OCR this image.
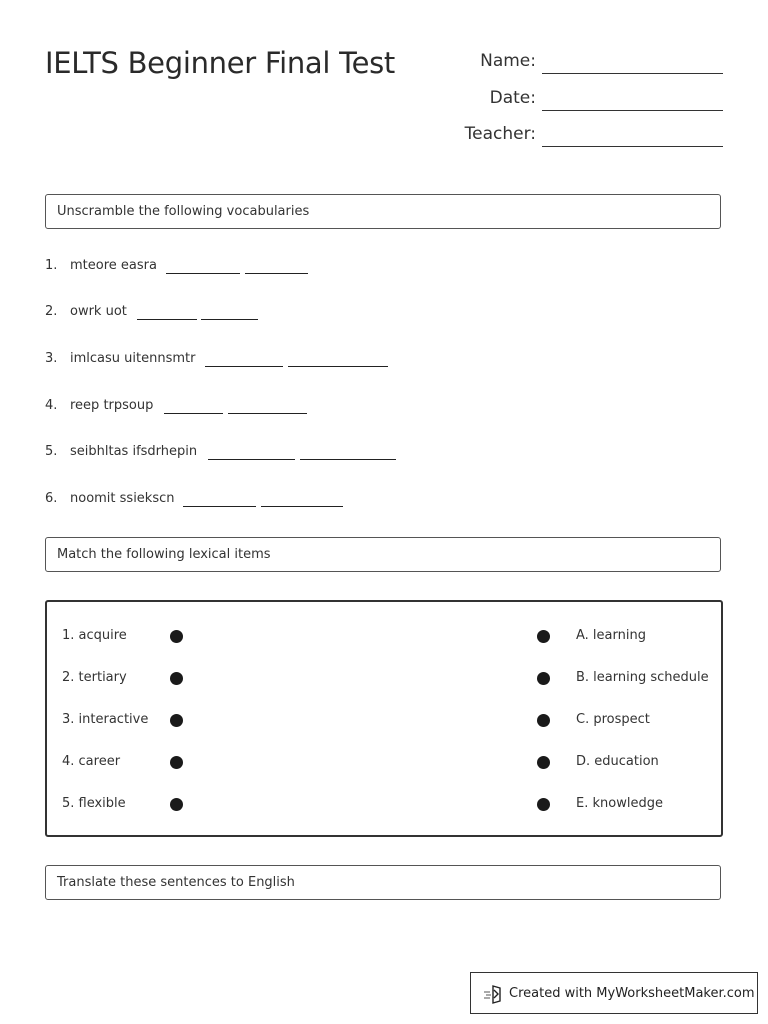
IELTS Beginner Final Test	Name:
Date:
Teacher:
Unscramble the following vocabularies
1. mteore easra
2. owrk uot
3. imlcasu uitennsmtr
4. reep trpsoup
5. seibhltas ifsdrhepin
6. noomit ssiekscn
Match the following lexical items
1. acquire	A. learning
2. tertiary	B. learning schedule
3. interactive	C. prospect
4. career	D. education
5. flexible	E. knowledge
Translate these sentences to English
Created with MyWorksheetMaker.com
